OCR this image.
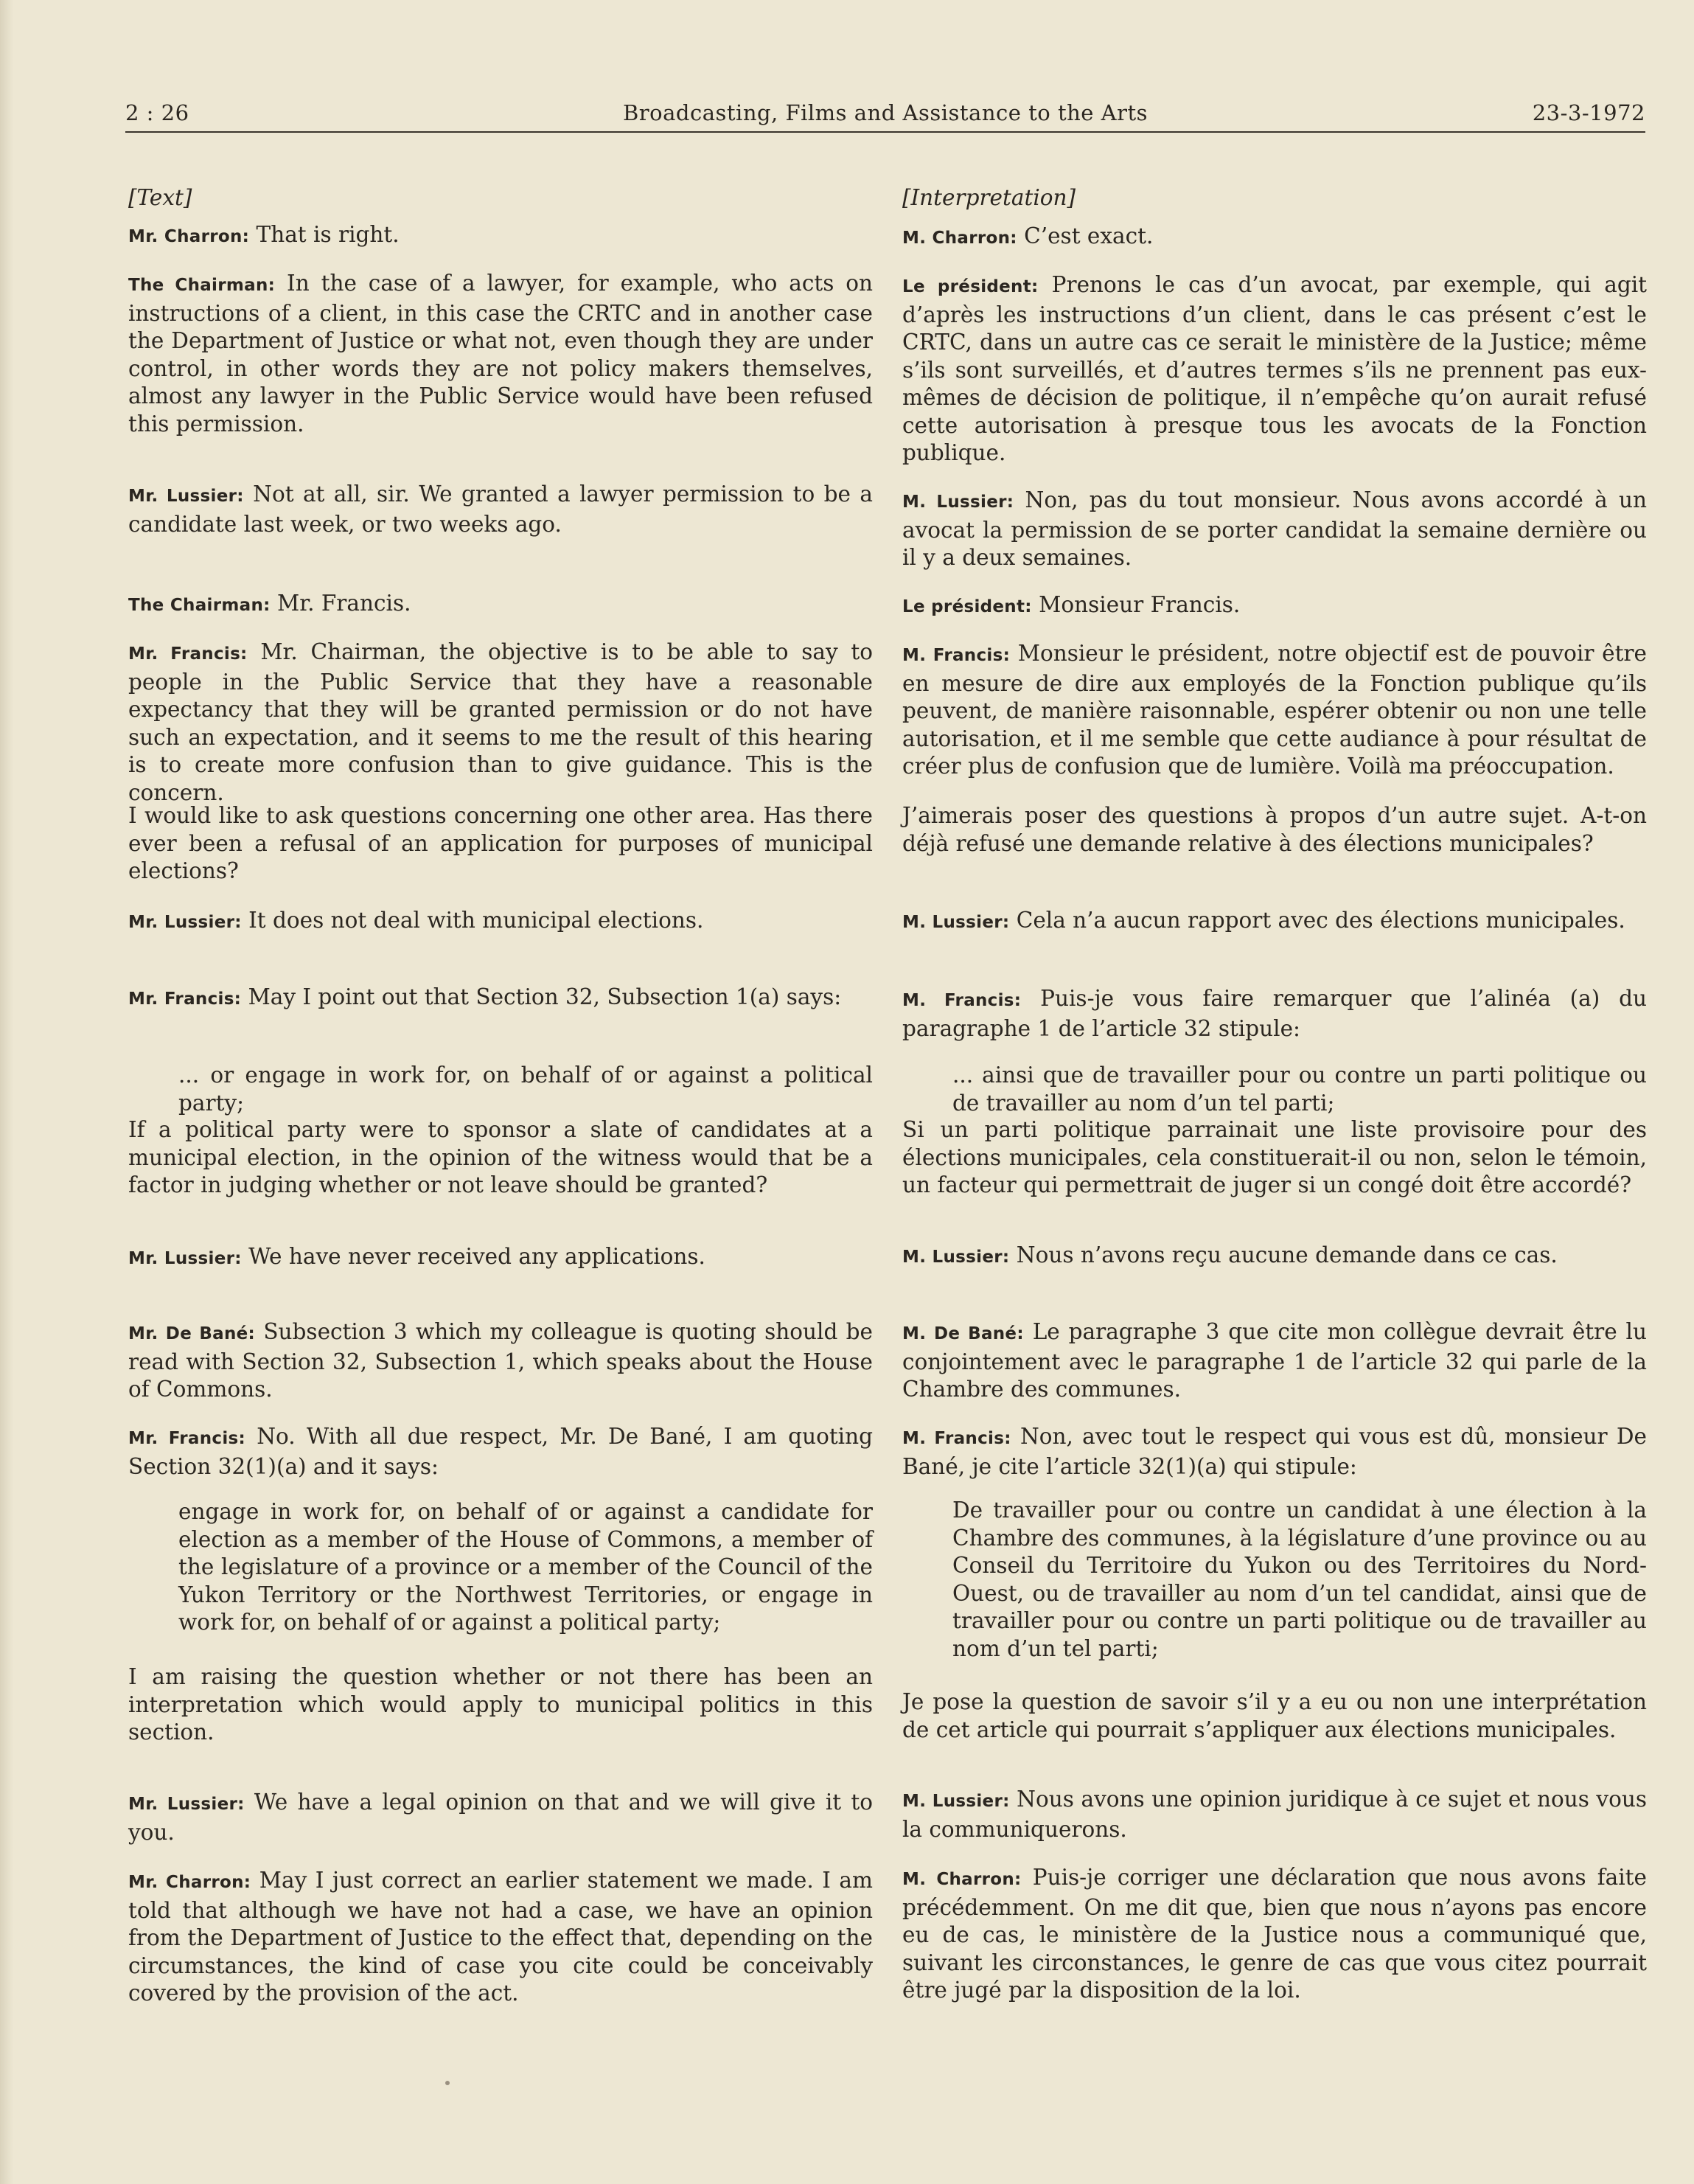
2 : 26	Broadcasting, Films and Assistance to the Arts	23-3-1972

[Text]

Mr. Charron: That is right.

The Chairman: In the case of a lawyer, for example, who acts on instructions of a client, in this case the CRTC and in another case the Department of Justice or what not, even though they are under control, in other words they are not policy makers themselves, almost any lawyer in the Public Service would have been refused this permission.

Mr. Lussier: Not at all, sir. We granted a lawyer permission to be a candidate last week, or two weeks ago.

The Chairman: Mr. Francis.

Mr. Francis: Mr. Chairman, the objective is to be able to say to people in the Public Service that they have a reasonable expectancy that they will be granted permission or do not have such an expectation, and it seems to me the result of this hearing is to create more confusion than to give guidance. This is the concern.

I would like to ask questions concerning one other area. Has there ever been a refusal of an application for purposes of municipal elections?

Mr. Lussier: It does not deal with municipal elections.

Mr. Francis: May I point out that Section 32, Subsection 1(a) says:

... or engage in work for, on behalf of or against a political party;

If a political party were to sponsor a slate of candidates at a municipal election, in the opinion of the witness would that be a factor in judging whether or not leave should be granted?

Mr. Lussier: We have never received any applications.

Mr. De Bané: Subsection 3 which my colleague is quoting should be read with Section 32, Subsection 1, which speaks about the House of Commons.

Mr. Francis: No. With all due respect, Mr. De Bané, I am quoting Section 32(1)(a) and it says:

engage in work for, on behalf of or against a candidate for election as a member of the House of Commons, a member of the legislature of a province or a member of the Council of the Yukon Territory or the Northwest Territories, or engage in work for, on behalf of or against a political party;

I am raising the question whether or not there has been an interpretation which would apply to municipal politics in this section.

Mr. Lussier: We have a legal opinion on that and we will give it to you.

Mr. Charron: May I just correct an earlier statement we made. I am told that although we have not had a case, we have an opinion from the Department of Justice to the effect that, depending on the circumstances, the kind of case you cite could be conceivably covered by the provision of the act.

[Interpretation]

M. Charron: C’est exact.

Le président: Prenons le cas d’un avocat, par exemple, qui agit d’après les instructions d’un client, dans le cas présent c’est le CRTC, dans un autre cas ce serait le ministère de la Justice; même s’ils sont surveillés, et d’autres termes s’ils ne prennent pas eux-mêmes de décision de politique, il n’empêche qu’on aurait refusé cette autorisation à presque tous les avocats de la Fonction publique.

M. Lussier: Non, pas du tout monsieur. Nous avons accordé à un avocat la permission de se porter candidat la semaine dernière ou il y a deux semaines.

Le président: Monsieur Francis.

M. Francis: Monsieur le président, notre objectif est de pouvoir être en mesure de dire aux employés de la Fonction publique qu’ils peuvent, de manière raisonnable, espérer obtenir ou non une telle autorisation, et il me semble que cette audiance à pour résultat de créer plus de confusion que de lumière. Voilà ma préoccupation.

J’aimerais poser des questions à propos d’un autre sujet. A-t-on déjà refusé une demande relative à des élections municipales?

M. Lussier: Cela n’a aucun rapport avec des élections municipales.

M. Francis: Puis-je vous faire remarquer que l’alinéa (a) du paragraphe 1 de l’article 32 stipule:

... ainsi que de travailler pour ou contre un parti politique ou de travailler au nom d’un tel parti;

Si un parti politique parrainait une liste provisoire pour des élections municipales, cela constituerait-il ou non, selon le témoin, un facteur qui permettrait de juger si un congé doit être accordé?

M. Lussier: Nous n’avons reçu aucune demande dans ce cas.

M. De Bané: Le paragraphe 3 que cite mon collègue devrait être lu conjointement avec le paragraphe 1 de l’article 32 qui parle de la Chambre des communes.

M. Francis: Non, avec tout le respect qui vous est dû, monsieur De Bané, je cite l’article 32(1)(a) qui stipule:

De travailler pour ou contre un candidat à une élection à la Chambre des communes, à la législature d’une province ou au Conseil du Territoire du Yukon ou des Territoires du Nord-Ouest, ou de travailler au nom d’un tel candidat, ainsi que de travailler pour ou contre un parti politique ou de travailler au nom d’un tel parti;

Je pose la question de savoir s’il y a eu ou non une interprétation de cet article qui pourrait s’appliquer aux élections municipales.

M. Lussier: Nous avons une opinion juridique à ce sujet et nous vous la communiquerons.

M. Charron: Puis-je corriger une déclaration que nous avons faite précédemment. On me dit que, bien que nous n’ayons pas encore eu de cas, le ministère de la Justice nous a communiqué que, suivant les circonstances, le genre de cas que vous citez pourrait être jugé par la disposition de la loi.
